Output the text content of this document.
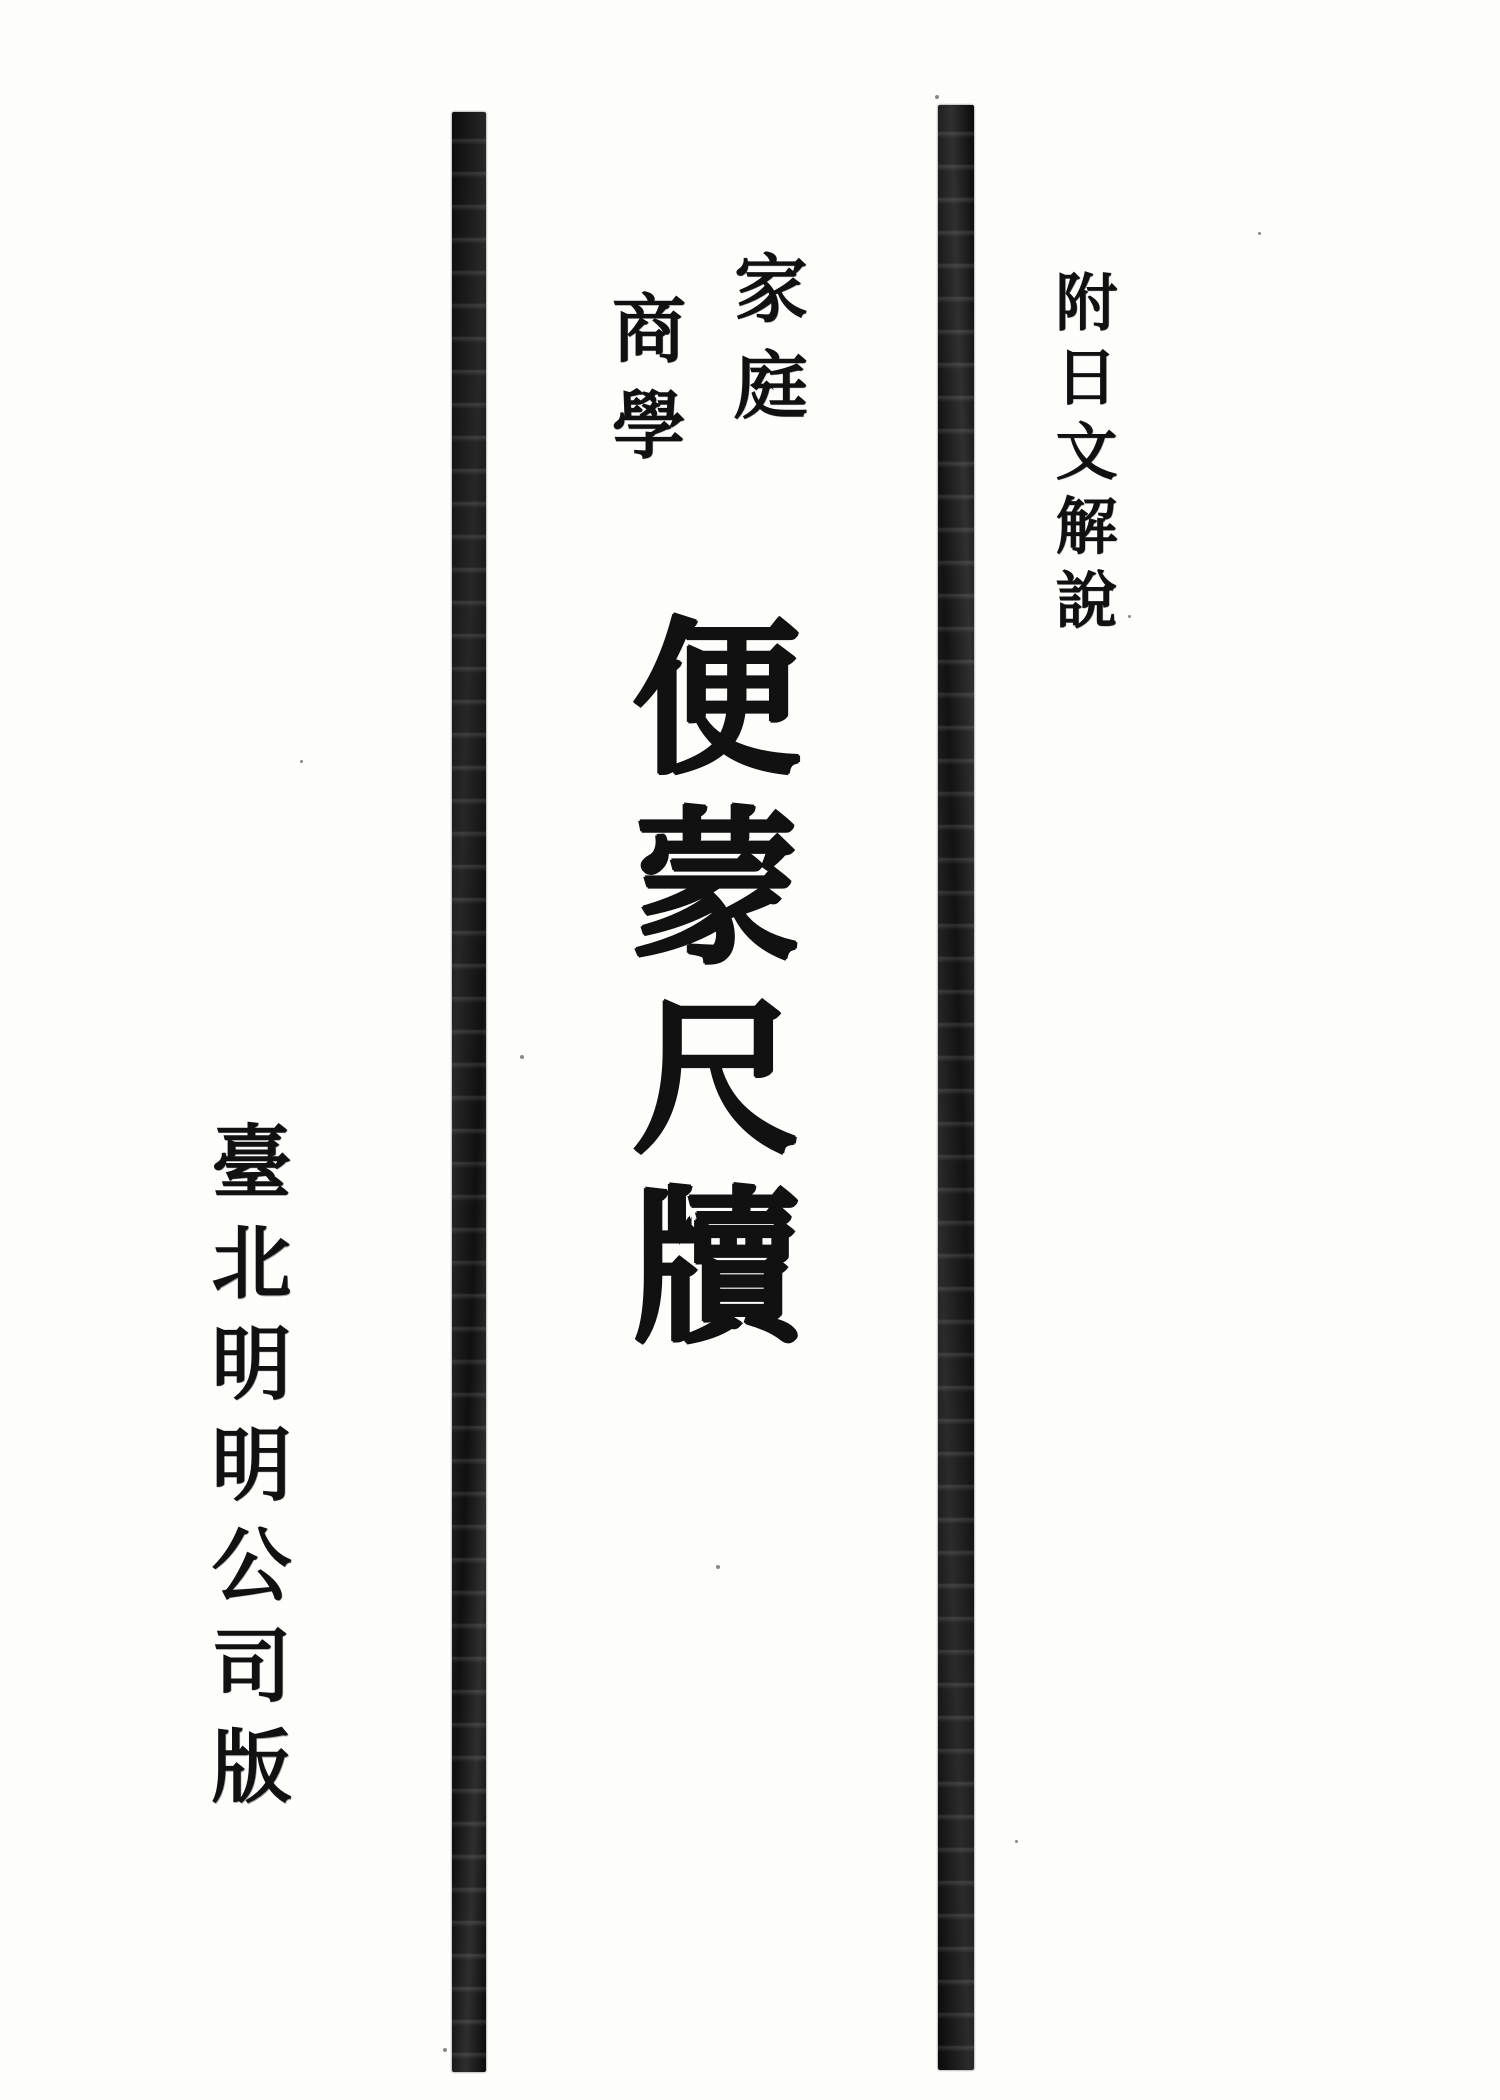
附日文解說
家庭
商學
便蒙尺牘
臺北明明公司版
